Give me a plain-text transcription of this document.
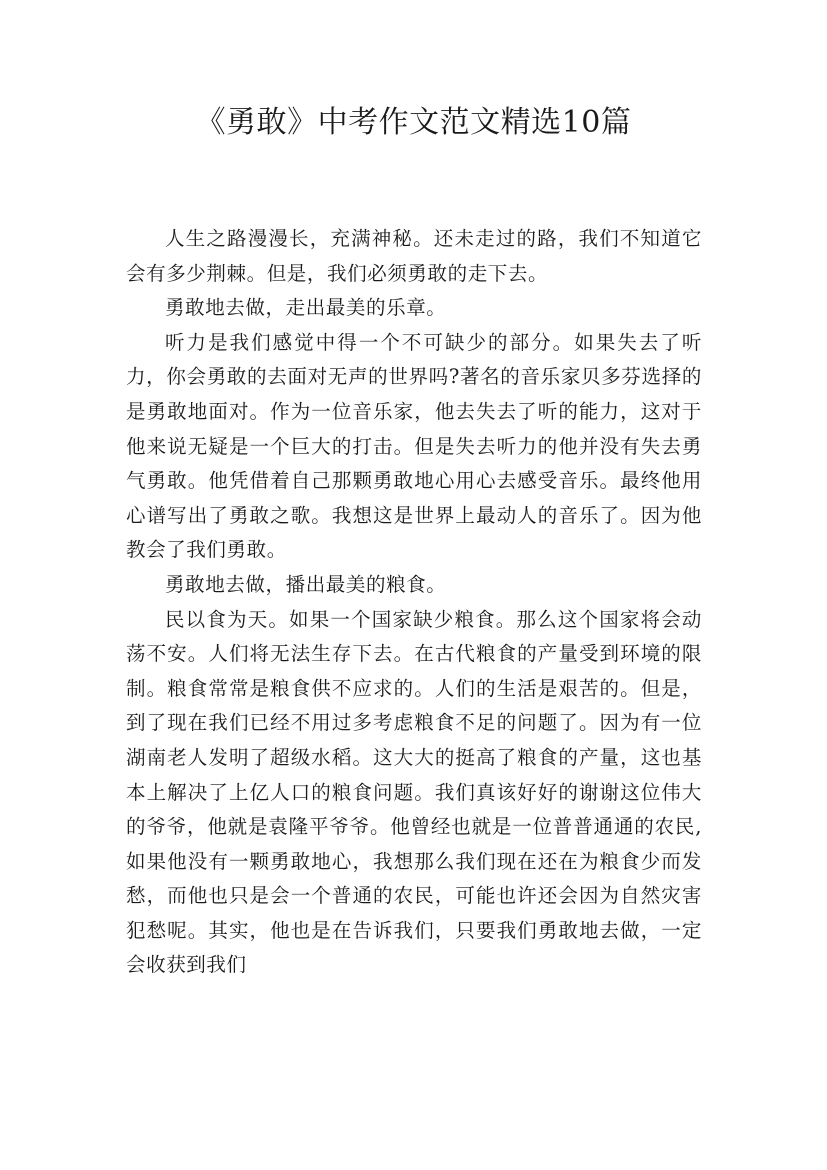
《勇敢》中考作文范文精选10篇

人生之路漫漫长，充满神秘。还未走过的路，我们不知道它会有多少荆棘。但是，我们必须勇敢的走下去。

勇敢地去做，走出最美的乐章。

听力是我们感觉中得一个不可缺少的部分。如果失去了听力，你会勇敢的去面对无声的世界吗?著名的音乐家贝多芬选择的是勇敢地面对。作为一位音乐家，他去失去了听的能力，这对于他来说无疑是一个巨大的打击。但是失去听力的他并没有失去勇气勇敢。他凭借着自己那颗勇敢地心用心去感受音乐。最终他用心谱写出了勇敢之歌。我想这是世界上最动人的音乐了。因为他教会了我们勇敢。

勇敢地去做，播出最美的粮食。

民以食为天。如果一个国家缺少粮食。那么这个国家将会动荡不安。人们将无法生存下去。在古代粮食的产量受到环境的限制。粮食常常是粮食供不应求的。人们的生活是艰苦的。但是，到了现在我们已经不用过多考虑粮食不足的问题了。因为有一位湖南老人发明了超级水稻。这大大的挺高了粮食的产量，这也基本上解决了上亿人口的粮食问题。我们真该好好的谢谢这位伟大的爷爷，他就是袁隆平爷爷。他曾经也就是一位普普通通的农民,如果他没有一颗勇敢地心，我想那么我们现在还在为粮食少而发愁，而他也只是会一个普通的农民，可能也许还会因为自然灾害犯愁呢。其实，他也是在告诉我们，只要我们勇敢地去做，一定会收获到我们
